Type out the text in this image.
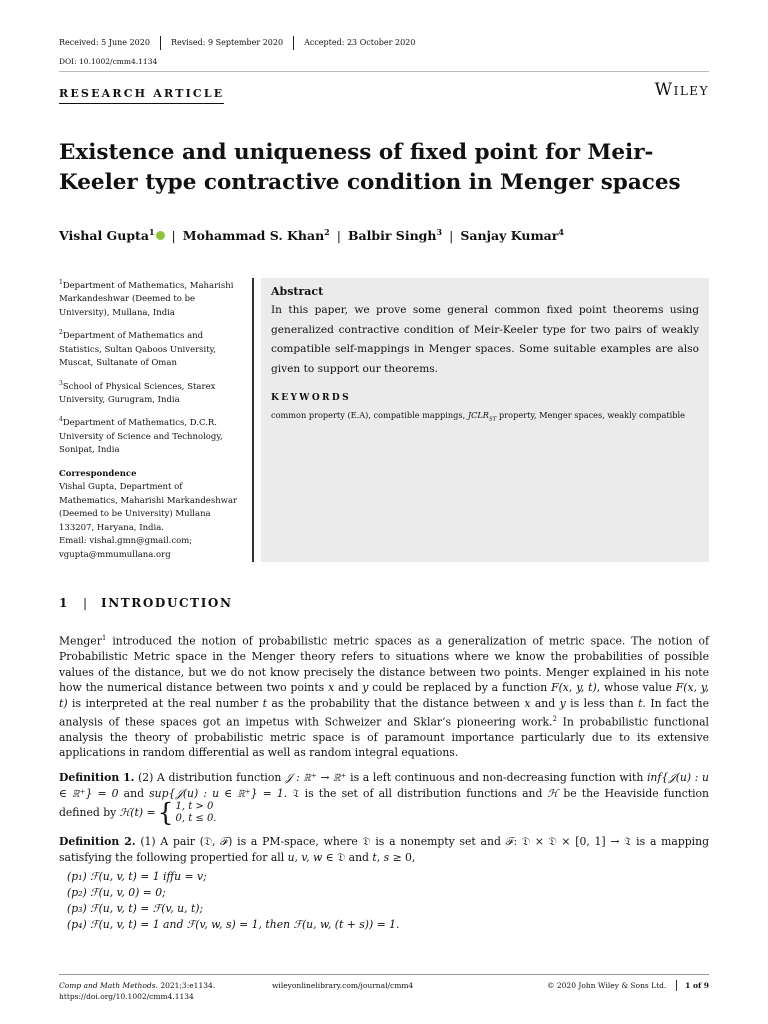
Received: 5 June 2020	Revised: 9 September 2020	Accepted: 23 October 2020
DOI: 10.1002/cmm4.1134
RESEARCH ARTICLE	Wiley
Existence and uniqueness of fixed point for Meir-Keeler type contractive condition in Menger spaces
Vishal Gupta$^1$ | Mohammad S. Khan$^2$ | Balbir Singh$^3$ | Sanjay Kumar$^4$
$^1$Department of Mathematics, Maharishi Markandeshwar (Deemed to be University), Mullana, India
$^2$Department of Mathematics and Statistics, Sultan Qaboos University, Muscat, Sultanate of Oman
$^3$School of Physical Sciences, Starex University, Gurugram, India
$^4$Department of Mathematics, D.C.R. University of Science and Technology, Sonipat, India
Correspondence
Vishal Gupta, Department of Mathematics, Maharishi Markandeshwar (Deemed to be University) Mullana 133207, Haryana, India.
Email: vishal.gmn@gmail.com;
vgupta@mmumullana.org
Abstract
In this paper, we prove some general common fixed point theorems using generalized contractive condition of Meir-Keeler type for two pairs of weakly compatible self-mappings in Menger spaces. Some suitable examples are also given to support our theorems.
KEYWORDS
common property (E.A), compatible mappings, $JCLR_{ST}$ property, Menger spaces, weakly compatible
1 | INTRODUCTION

Menger$^1$ introduced the notion of probabilistic metric spaces as a generalization of metric space. The notion of Probabilistic Metric space in the Menger theory refers to situations where we know the probabilities of possible values of the distance, but we do not know precisely the distance between two points. Menger explained in his note how the numerical distance between two points x and y could be replaced by a function F(x, y, t), whose value F(x, y, t) is interpreted at the real number t as the probability that the distance between x and y is less than t. In fact the analysis of these spaces got an impetus with Schweizer and Sklar’s pioneering work.$^2$ In probabilistic functional analysis the theory of probabilistic metric space is of paramount importance particularly due to its extensive applications in random differential as well as random integral equations.

Definition 1. (2) A distribution function 𝒥 : ℝ⁺ → ℝ⁺ is a left continuous and non-decreasing function with inf{𝒥(u) : u ∈ ℝ⁺} = 0 and sup{𝒥(u) : u ∈ ℝ⁺} = 1. 𝔗 is the set of all distribution functions and ℋ be the Heaviside function defined by ℋ(t) = { 1, t > 0
0, t ≤ 0.

Definition 2. (1) A pair (𝔇, ℱ) is a PM-space, where 𝔇 is a nonempty set and ℱ: 𝔇 × 𝔇 × [0, 1] → 𝔗 is a mapping satisfying the following propertied for all u, v, w ∈ 𝔇 and t, s ≥ 0,

(p₁) ℱ(u, v, t) = 1 iffu = v;
(p₂) ℱ(u, v, 0) = 0;
(p₃) ℱ(u, v, t) = ℱ(v, u, t);
(p₄) ℱ(u, v, t) = 1 and ℱ(v, w, s) = 1, then ℱ(u, w, (t + s)) = 1.
Comp and Math Methods. 2021;3:e1134.
https://doi.org/10.1002/cmm4.1134
wileyonlinelibrary.com/journal/cmm4	© 2020 John Wiley & Sons Ltd.	1 of 9
